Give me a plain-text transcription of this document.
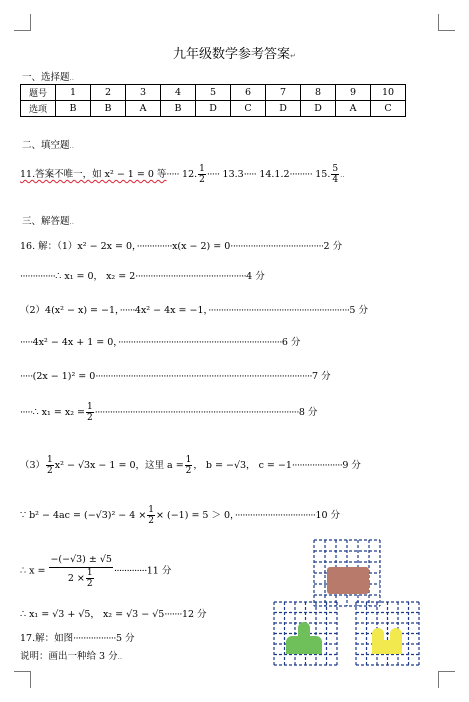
九年级数学参考答案↵
一、选择题..
题号	1	2	3	4	5	6	7	8	9	10
选项	B	B	A	B	D	C	D	D	A	C
二、填空题..
11.答案不唯一，如 x² − 1 = 0 等····· 12. $\frac{1}{2}$ ····· 13.3····· 14.1.2········· 15. $\frac{5}{4}$ ..
三、解答题..
16. 解：（1）x² − 2x = 0，··············x(x − 2) = 0·····································2 分
··············∴ x₁ = 0， x₂ = 2············································4 分
（2）4(x² − x) = −1，······4x² − 4x = −1，························································5 分
·····4x² − 4x + 1 = 0，·································································6 分
·····(2x − 1)² = 0······················································································7 分
·····∴ $x_1 = x_2 = \frac{1}{2} \cdot\cdot\cdot\cdot\cdot\cdot\cdot\cdot\cdot\cdot\cdot\cdot\cdot\cdot\cdot\cdot\cdot\cdot\cdot\cdot\cdot\cdot\cdot\cdot\cdot\cdot\cdot\cdot\cdot\cdot\cdot\cdot\cdot\cdot\cdot\cdot\cdot\cdot\cdot\cdot\cdot\cdot\cdot\cdot\cdot\cdot\cdot\cdot\cdot\cdot\cdot\cdot\cdot\cdot\cdot\cdot\cdot\cdot\cdot\cdot\cdot\cdot\cdot\cdot\cdot\cdot\cdot\cdot\cdot\cdot\cdot\cdot\cdot\cdot\cdot\cdot\cdot\cdot\cdot\cdot\cdot 8$ 分
$(3) \frac{1}{2} x^2 - √3x - 1 = 0$，这里 $a = \frac{1}{2}$ ， b = −√3， c = −1····················9 分
∵ $b^2 - 4ac = (-√3)^2 - 4 \times \frac{1}{2} \times (-1) = 5 > 0$，································10 分
∴ $x = \frac{-(-√3) \pm √5}{2 \times \frac{1}{2}} \cdot\cdot\cdot\cdot\cdot\cdot\cdot\cdot\cdot\cdot\cdot\cdot\cdot 11$ 分
∴ x₁ = √3 + √5， x₂ = √3 − √5·······12 分
17.解：如图·················5 分
说明：画出一种给 3 分..
